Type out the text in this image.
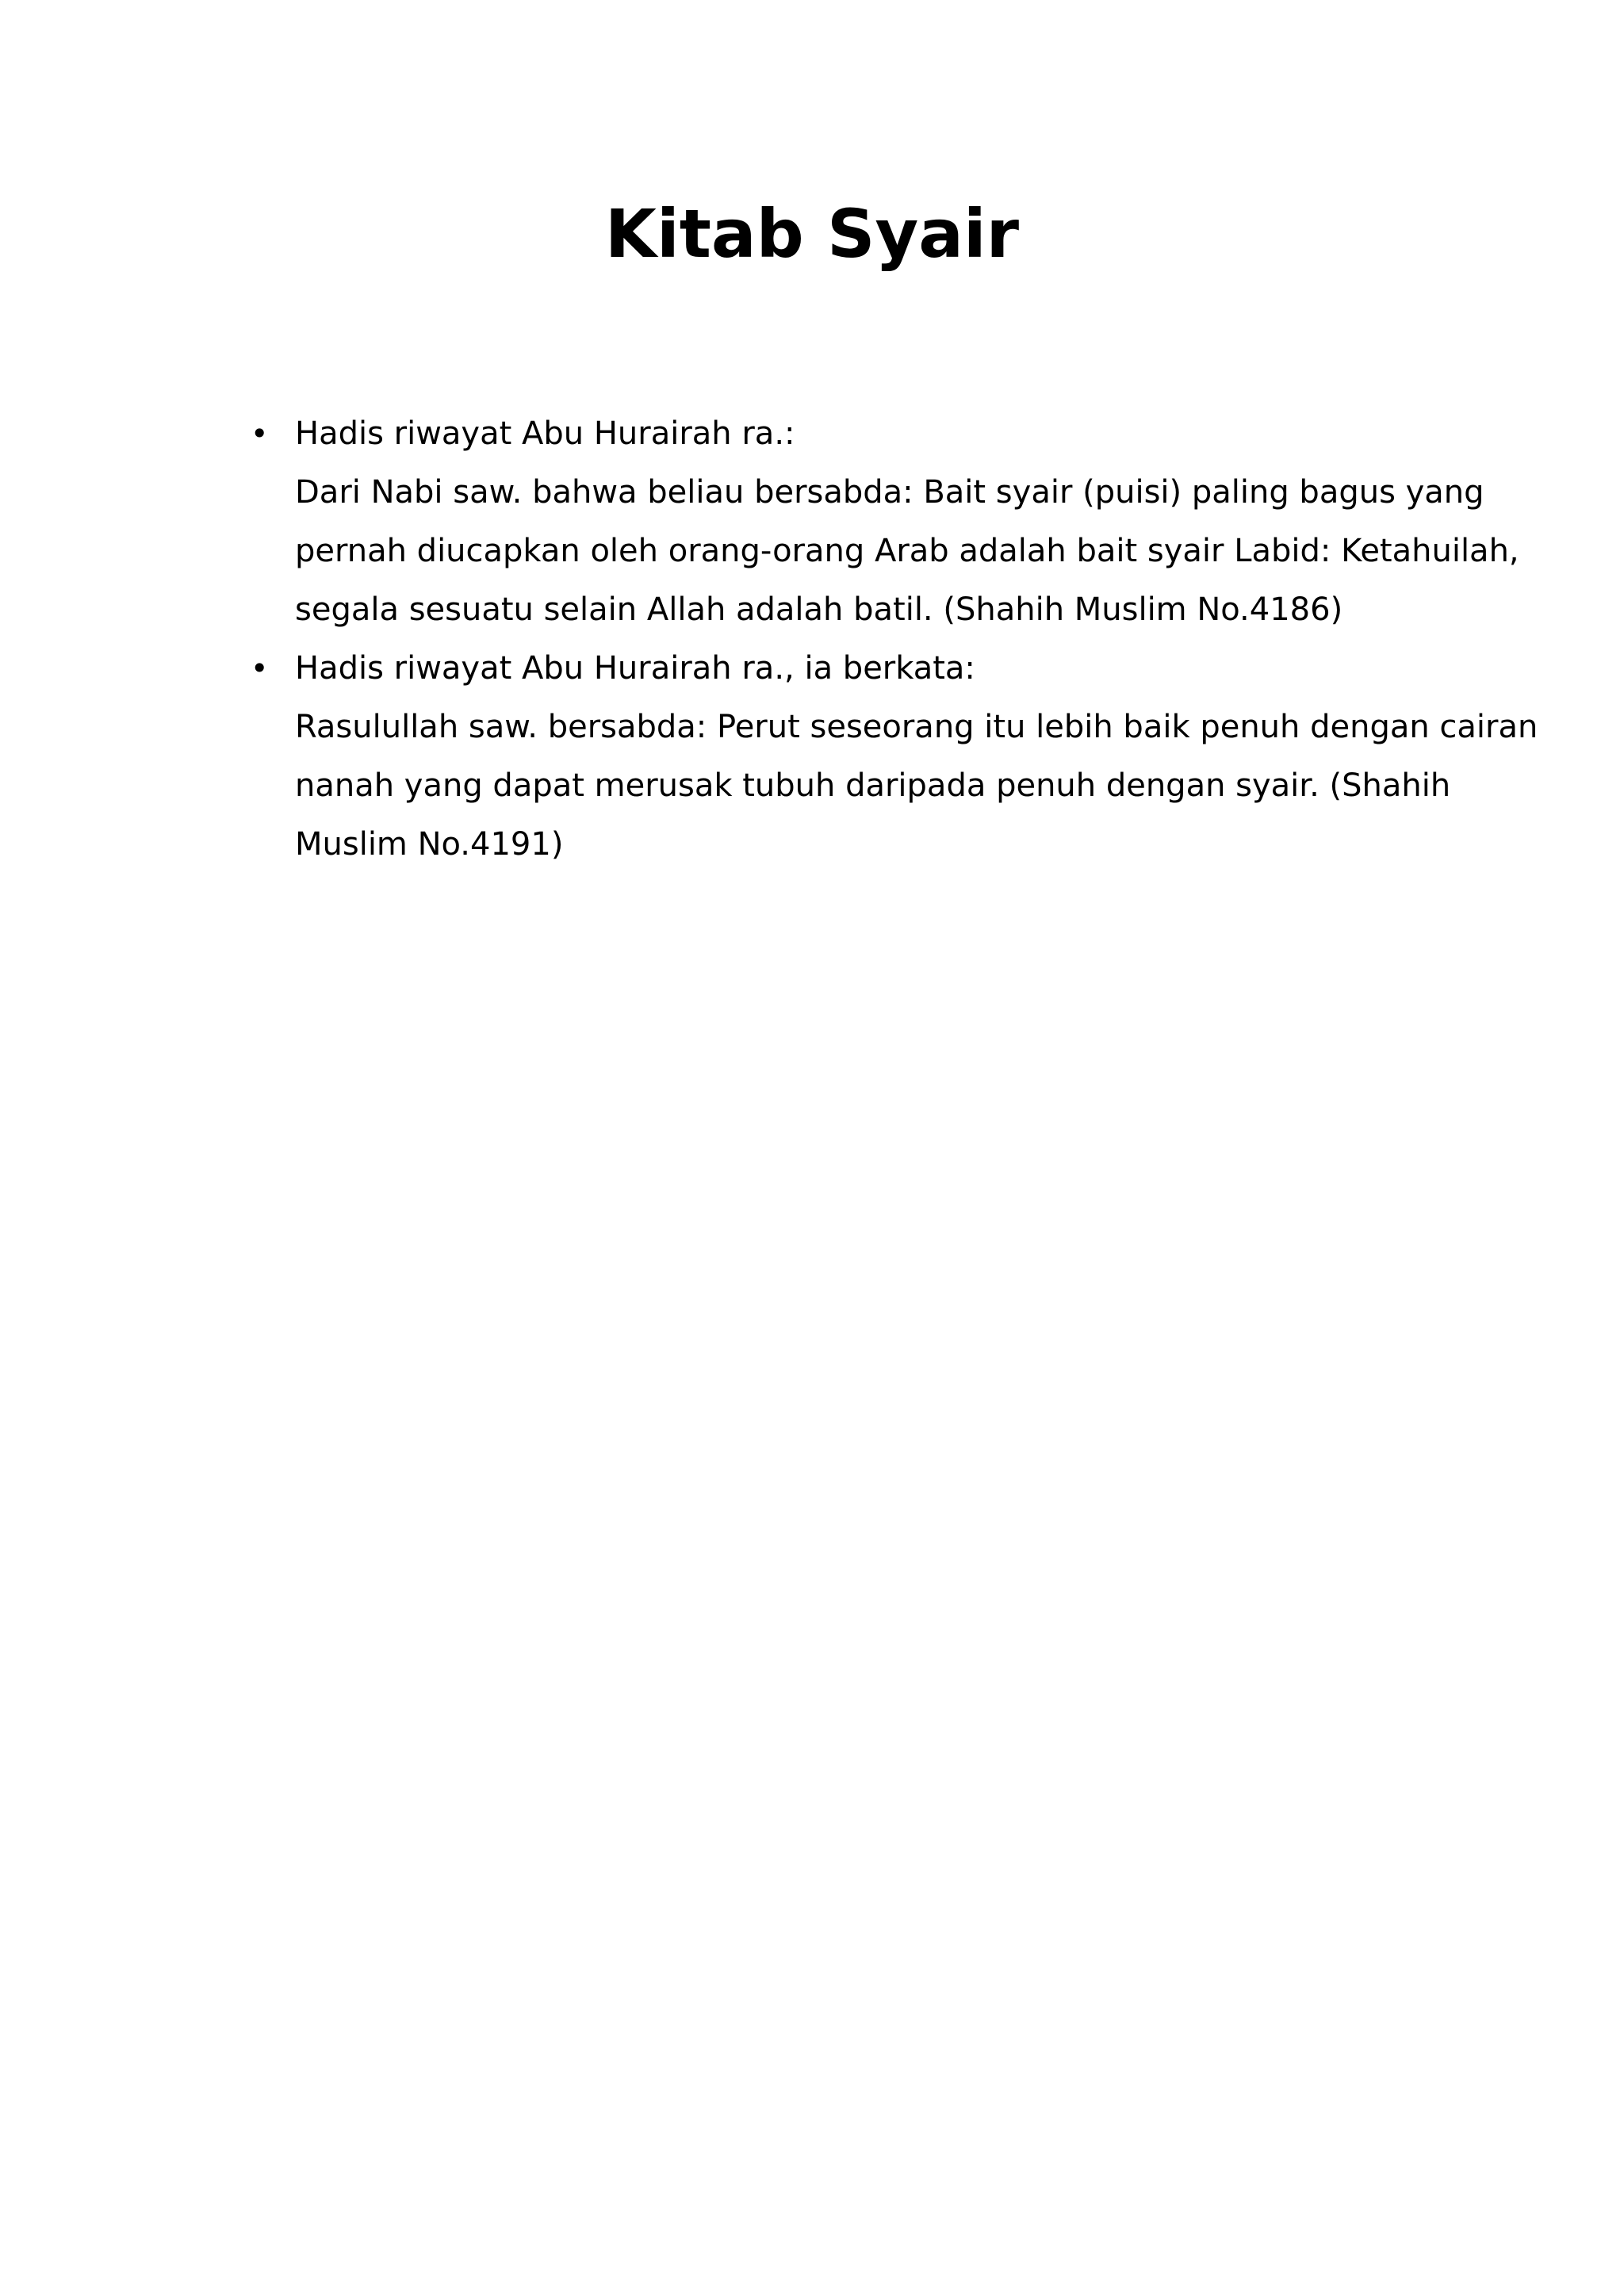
Kitab Syair
• Hadis riwayat Abu Hurairah ra.:
Dari Nabi saw. bahwa beliau bersabda: Bait syair (puisi) paling bagus yang
pernah diucapkan oleh orang-orang Arab adalah bait syair Labid: Ketahuilah,
segala sesuatu selain Allah adalah batil. (Shahih Muslim No.4186)
• Hadis riwayat Abu Hurairah ra., ia berkata:
Rasulullah saw. bersabda: Perut seseorang itu lebih baik penuh dengan cairan
nanah yang dapat merusak tubuh daripada penuh dengan syair. (Shahih
Muslim No.4191)
